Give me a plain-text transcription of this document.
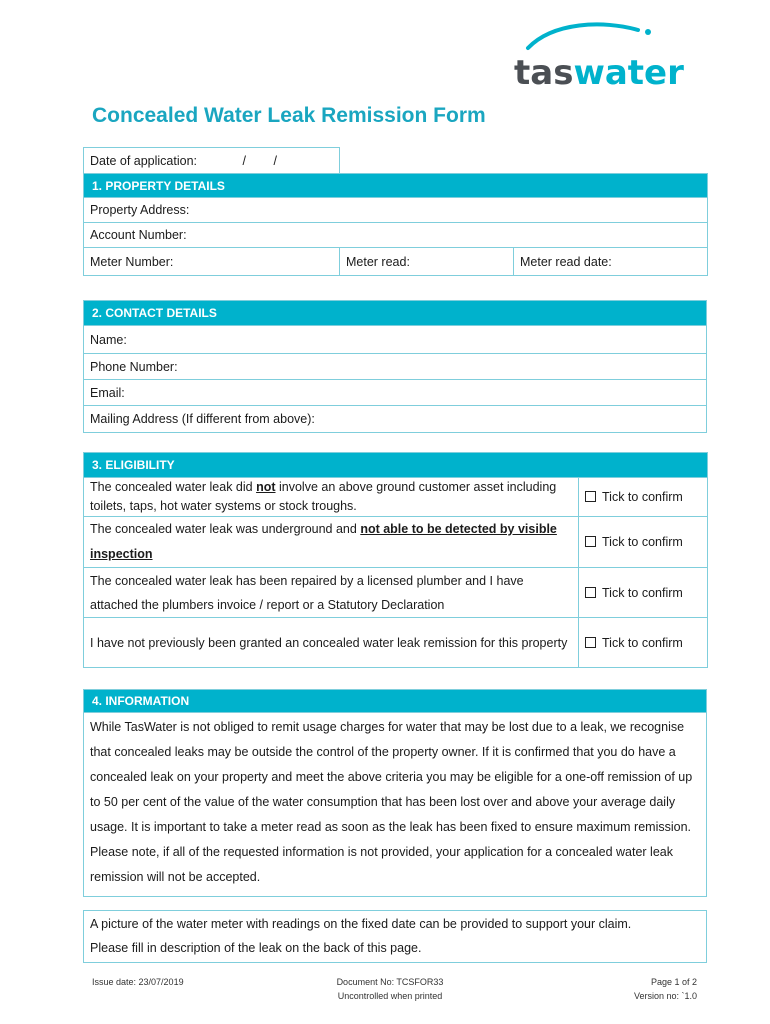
taswater
Concealed Water Leak Remission Form
Date of application: / /		
1. PROPERTY DETAILS		
Property Address:		
Account Number:		
Meter Number:	Meter read:	Meter read date:
2. CONTACT DETAILS
Name:
Phone Number:
Email:
Mailing Address (If different from above):
3. ELIGIBILITY	
The concealed water leak did not involve an above ground customer asset including toilets, taps, hot water systems or stock troughs.	Tick to confirm
The concealed water leak was underground and not able to be detected by visible inspection	Tick to confirm
The concealed water leak has been repaired by a licensed plumber and I have attached the plumbers invoice / report or a Statutory Declaration	Tick to confirm
I have not previously been granted an concealed water leak remission for this property	Tick to confirm
4. INFORMATION
While TasWater is not obliged to remit usage charges for water that may be lost due to a leak, we recognise that concealed leaks may be outside the control of the property owner. If it is confirmed that you do have a concealed leak on your property and meet the above criteria you may be eligible for a one-off remission of up to 50 per cent of the value of the water consumption that has been lost over and above your average daily usage. It is important to take a meter read as soon as the leak has been fixed to ensure maximum remission. Please note, if all of the requested information is not provided, your application for a concealed water leak remission will not be accepted.
A picture of the water meter with readings on the fixed date can be provided to support your claim.
Please fill in description of the leak on the back of this page.
Issue date: 23/07/2019	Document No: TCSFOR33
Uncontrolled when printed
Page 1 of 2
Version no: `1.0
